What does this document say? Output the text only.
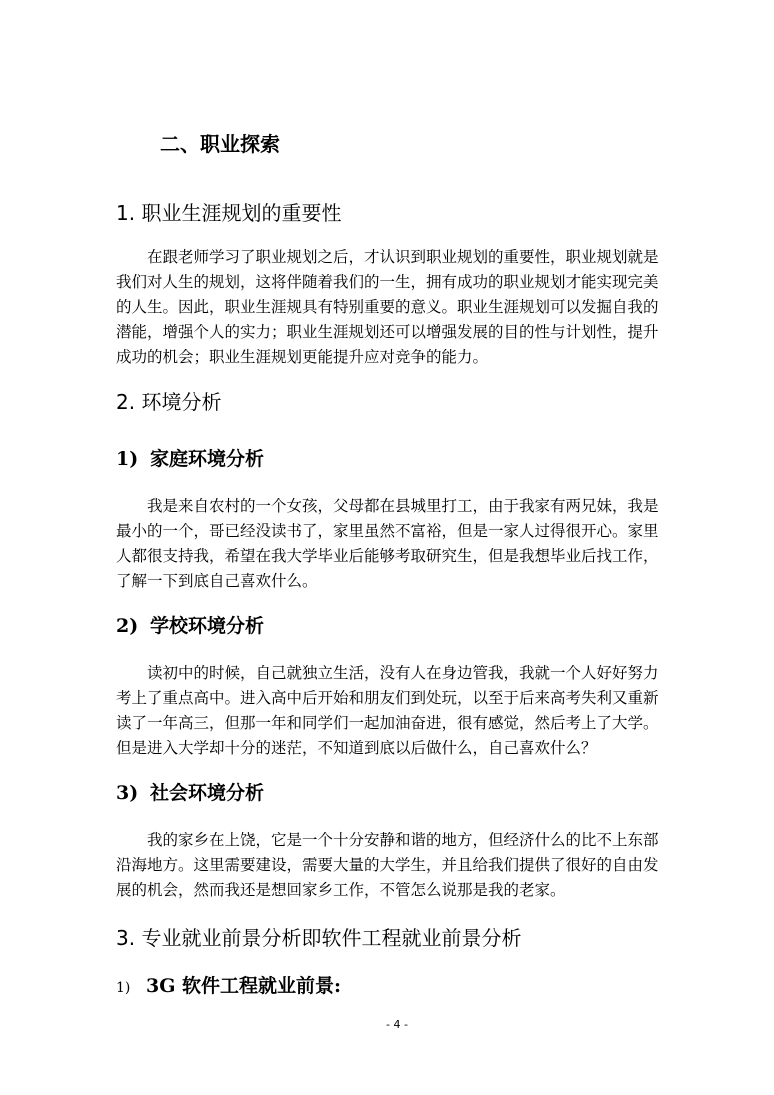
二、职业探索
1. 职业生涯规划的重要性
在跟老师学习了职业规划之后，才认识到职业规划的重要性，职业规划就是
我们对人生的规划，这将伴随着我们的一生，拥有成功的职业规划才能实现完美
的人生。因此，职业生涯规具有特别重要的意义。职业生涯规划可以发掘自我的
潜能，增强个人的实力；职业生涯规划还可以增强发展的目的性与计划性，提升
成功的机会；职业生涯规划更能提升应对竞争的能力。
2. 环境分析
1) 家庭环境分析
我是来自农村的一个女孩，父母都在县城里打工，由于我家有两兄妹，我是
最小的一个，哥已经没读书了，家里虽然不富裕，但是一家人过得很开心。家里
人都很支持我，希望在我大学毕业后能够考取研究生，但是我想毕业后找工作，
了解一下到底自己喜欢什么。
2) 学校环境分析
读初中的时候，自己就独立生活，没有人在身边管我，我就一个人好好努力
考上了重点高中。进入高中后开始和朋友们到处玩，以至于后来高考失利又重新
读了一年高三，但那一年和同学们一起加油奋进，很有感觉，然后考上了大学。
但是进入大学却十分的迷茫，不知道到底以后做什么，自己喜欢什么？
3) 社会环境分析
我的家乡在上饶，它是一个十分安静和谐的地方，但经济什么的比不上东部
沿海地方。这里需要建设，需要大量的大学生，并且给我们提供了很好的自由发
展的机会，然而我还是想回家乡工作，不管怎么说那是我的老家。
3. 专业就业前景分析即软件工程就业前景分析
1) 3G 软件工程就业前景:
- 4 -
